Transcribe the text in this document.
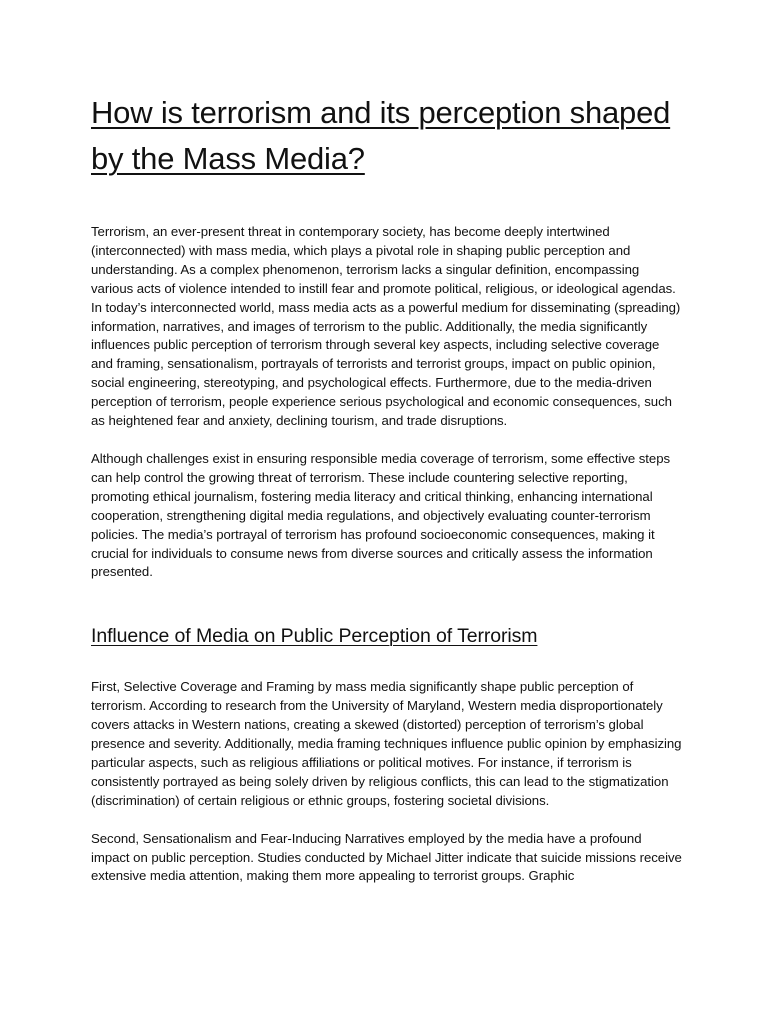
How is terrorism and its perception shaped by the Mass Media?

Terrorism, an ever-present threat in contemporary society, has become deeply intertwined (interconnected) with mass media, which plays a pivotal role in shaping public perception and understanding. As a complex phenomenon, terrorism lacks a singular definition, encompassing various acts of violence intended to instill fear and promote political, religious, or ideological agendas. In today’s interconnected world, mass media acts as a powerful medium for disseminating (spreading) information, narratives, and images of terrorism to the public. Additionally, the media significantly influences public perception of terrorism through several key aspects, including selective coverage and framing, sensationalism, portrayals of terrorists and terrorist groups, impact on public opinion, social engineering, stereotyping, and psychological effects. Furthermore, due to the media-driven perception of terrorism, people experience serious psychological and economic consequences, such as heightened fear and anxiety, declining tourism, and trade disruptions.

Although challenges exist in ensuring responsible media coverage of terrorism, some effective steps can help control the growing threat of terrorism. These include countering selective reporting, promoting ethical journalism, fostering media literacy and critical thinking, enhancing international cooperation, strengthening digital media regulations, and objectively evaluating counter-terrorism policies. The media’s portrayal of terrorism has profound socioeconomic consequences, making it crucial for individuals to consume news from diverse sources and critically assess the information presented.

Influence of Media on Public Perception of Terrorism

First, Selective Coverage and Framing by mass media significantly shape public perception of terrorism. According to research from the University of Maryland, Western media disproportionately covers attacks in Western nations, creating a skewed (distorted) perception of terrorism’s global presence and severity. Additionally, media framing techniques influence public opinion by emphasizing particular aspects, such as religious affiliations or political motives. For instance, if terrorism is consistently portrayed as being solely driven by religious conflicts, this can lead to the stigmatization (discrimination) of certain religious or ethnic groups, fostering societal divisions.

Second, Sensationalism and Fear-Inducing Narratives employed by the media have a profound impact on public perception. Studies conducted by Michael Jitter indicate that suicide missions receive extensive media attention, making them more appealing to terrorist groups. Graphic
